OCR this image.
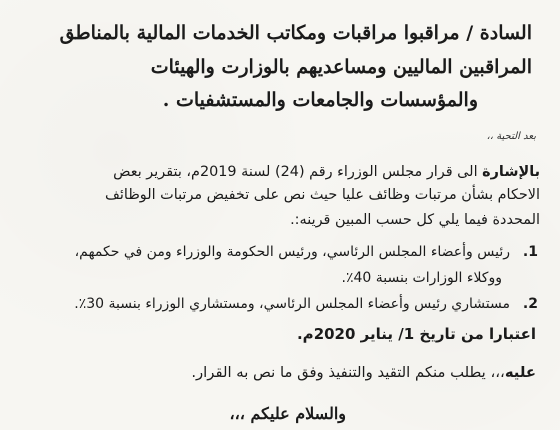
السادة / مراقبوا مراقبات ومكاتب الخدمات المالية بالمناطق
المراقبين الماليين ومساعديهم بالوزارت والهيئات
والمؤسسات والجامعات والمستشفيات .
بعد التحية ،،
بالإشارة الى قرار مجلس الوزراء رقم (24) لسنة 2019م، بتقرير بعض
الاحكام بشأن مرتبات وظائف عليا حيث نص على تخفيض مرتبات الوظائف
المحددة فيما يلي كل حسب المبين قرينه:.
1.رئيس وأعضاء المجلس الرئاسي، ورئيس الحكومة والوزراء ومن في حكمهم،
ووكلاء الوزارات بنسبة 40٪.
2.مستشاري رئيس وأعضاء المجلس الرئاسي، ومستشاري الوزراء بنسبة 30٪.
اعتبارا من تاريخ 1/ يناير 2020م.
عليه،،، يطلب منكم التقيد والتنفيذ وفق ما نص به القرار.
والسلام عليكم ،،،
